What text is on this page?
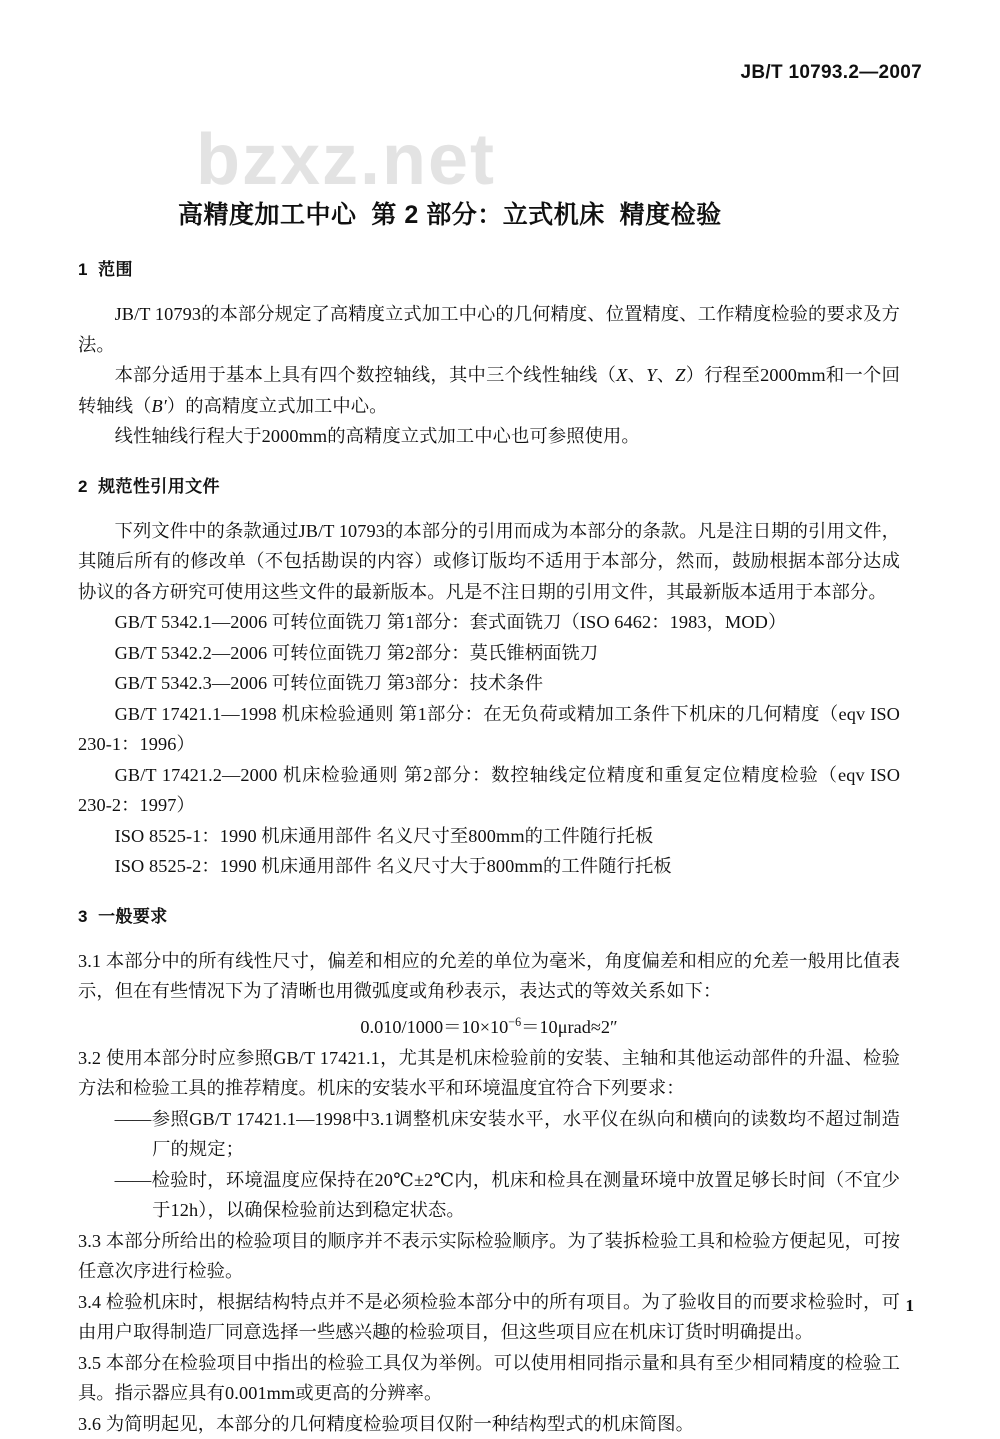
bzxz.net
JB/T 10793.2—2007
高精度加工中心  第 2 部分：立式机床  精度检验
1  范围

JB/T 10793的本部分规定了高精度立式加工中心的几何精度、位置精度、工作精度检验的要求及方法。

本部分适用于基本上具有四个数控轴线，其中三个线性轴线（X、Y、Z）行程至2000mm和一个回转轴线（B′）的高精度立式加工中心。

线性轴线行程大于2000mm的高精度立式加工中心也可参照使用。

2  规范性引用文件

下列文件中的条款通过JB/T 10793的本部分的引用而成为本部分的条款。凡是注日期的引用文件，其随后所有的修改单（不包括勘误的内容）或修订版均不适用于本部分，然而，鼓励根据本部分达成协议的各方研究可使用这些文件的最新版本。凡是不注日期的引用文件，其最新版本适用于本部分。

GB/T 5342.1—2006 可转位面铣刀 第1部分：套式面铣刀（ISO 6462：1983，MOD）

GB/T 5342.2—2006 可转位面铣刀 第2部分：莫氏锥柄面铣刀

GB/T 5342.3—2006 可转位面铣刀 第3部分：技术条件

GB/T 17421.1—1998 机床检验通则 第1部分：在无负荷或精加工条件下机床的几何精度（eqv ISO 230-1：1996）

GB/T 17421.2—2000 机床检验通则 第2部分：数控轴线定位精度和重复定位精度检验（eqv ISO 230-2：1997）

ISO 8525-1：1990 机床通用部件 名义尺寸至800mm的工件随行托板

ISO 8525-2：1990 机床通用部件 名义尺寸大于800mm的工件随行托板

3  一般要求

3.1 本部分中的所有线性尺寸，偏差和相应的允差的单位为毫米，角度偏差和相应的允差一般用比值表示，但在有些情况下为了清晰也用微弧度或角秒表示，表达式的等效关系如下：

$0.010/1000=10\times 10^{-6}=10\mu rad\approx 2''$

3.2 使用本部分时应参照GB/T 17421.1，尤其是机床检验前的安装、主轴和其他运动部件的升温、检验方法和检验工具的推荐精度。机床的安装水平和环境温度宜符合下列要求：

——参照GB/T 17421.1—1998中3.1调整机床安装水平，水平仪在纵向和横向的读数均不超过制造厂的规定；

——检验时，环境温度应保持在20℃±2℃内，机床和检具在测量环境中放置足够长时间（不宜少于12h），以确保检验前达到稳定状态。

3.3 本部分所给出的检验项目的顺序并不表示实际检验顺序。为了装拆检验工具和检验方便起见，可按任意次序进行检验。

3.4 检验机床时，根据结构特点并不是必须检验本部分中的所有项目。为了验收目的而要求检验时，可由用户取得制造厂同意选择一些感兴趣的检验项目，但这些项目应在机床订货时明确提出。

3.5 本部分在检验项目中指出的检验工具仅为举例。可以使用相同指示量和具有至少相同精度的检验工具。指示器应具有0.001mm或更高的分辨率。

3.6 为简明起见，本部分的几何精度检验项目仅附一种结构型式的机床简图。

1
